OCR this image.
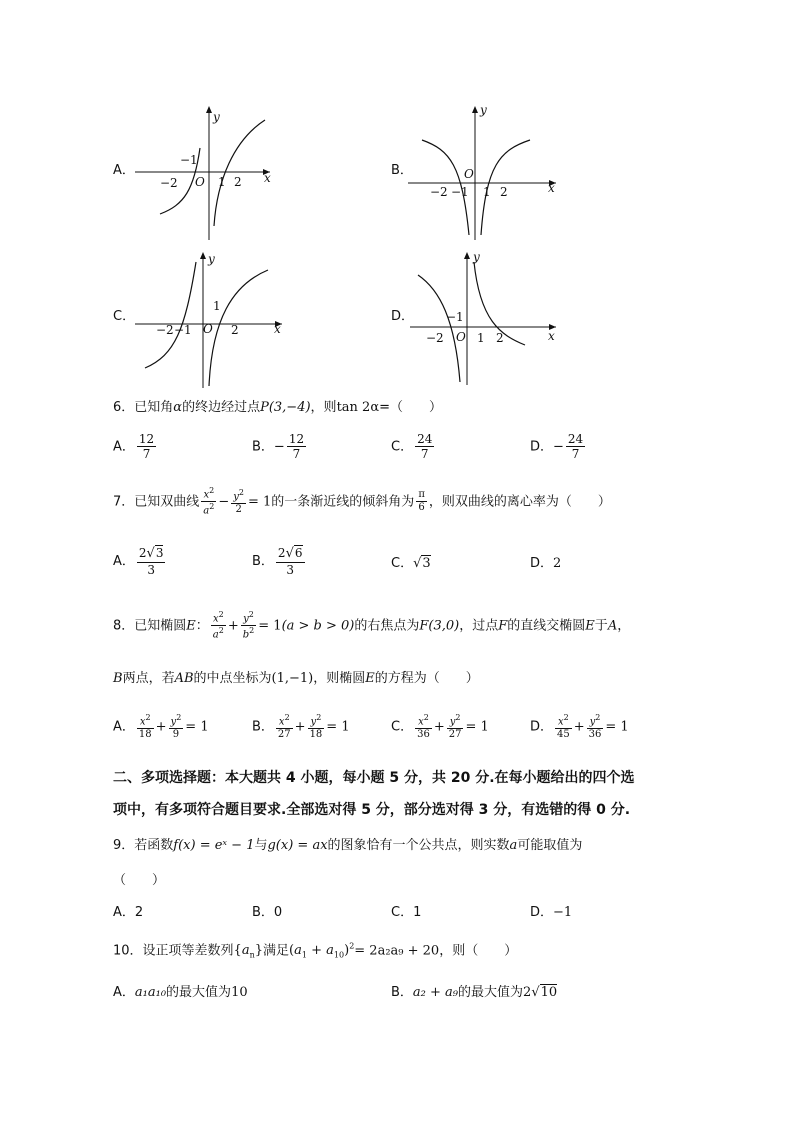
A．
y
x
O
−2
−1
1 2
B．
y
x
O
−2 −1 1 2
C．
y
x
O
−2 −1
1
2
D．
y
x
O
−2
−1
1 2
6．已知角α的终边经过点P(3,−4)，则tan 2α=（　　）
A． $\frac{12}{7}$	B．− $\frac{12}{7}$	C． $\frac{24}{7}$	D．− $\frac{24}{7}$
7．已知双曲线 $\frac{x^2}{a^2} - \frac{y^2}{2} = 1$的一条渐近线的倾斜角为 $\frac{\pi}{6}$ ，则双曲线的离心率为（　　）
A． $\frac{2√3}{3}$	B． $\frac{2√6}{3}$	C．√3	D．2
8．已知椭圆E： $\frac{x^2}{a^2} + \frac{y^2}{b^2} = 1(a > b > 0)$的右焦点为F(3,0)，过点F的直线交椭圆E于A，
B两点，若AB的中点坐标为(1,−1)，则椭圆E的方程为（　　）
A． $\frac{x^2}{18} + \frac{y^2}{9} = 1$	B． $\frac{x^2}{27} + \frac{y^2}{18} = 1$	C． $\frac{x^2}{36} + \frac{y^2}{27} = 1$	D． $\frac{x^2}{45} + \frac{y^2}{36} = 1$
二、多项选择题：本大题共 4 小题，每小题 5 分，共 20 分.在每小题给出的四个选
项中，有多项符合题目要求.全部选对得 5 分，部分选对得 3 分，有选错的得 0 分.
9．若函数f(x) = eˣ − 1与g(x) = ax的图象恰有一个公共点，则实数a可能取值为
（　　）
A．2	B．0	C．1	D．−1
10．设正项等差数列$\{a_n\}$满足$(a_1 + a_{10})^2= 2a_2a_9 + 20$，则（　　）
A．a₁a₁₀的最大值为10	B．a₂ + a₉的最大值为2√10
